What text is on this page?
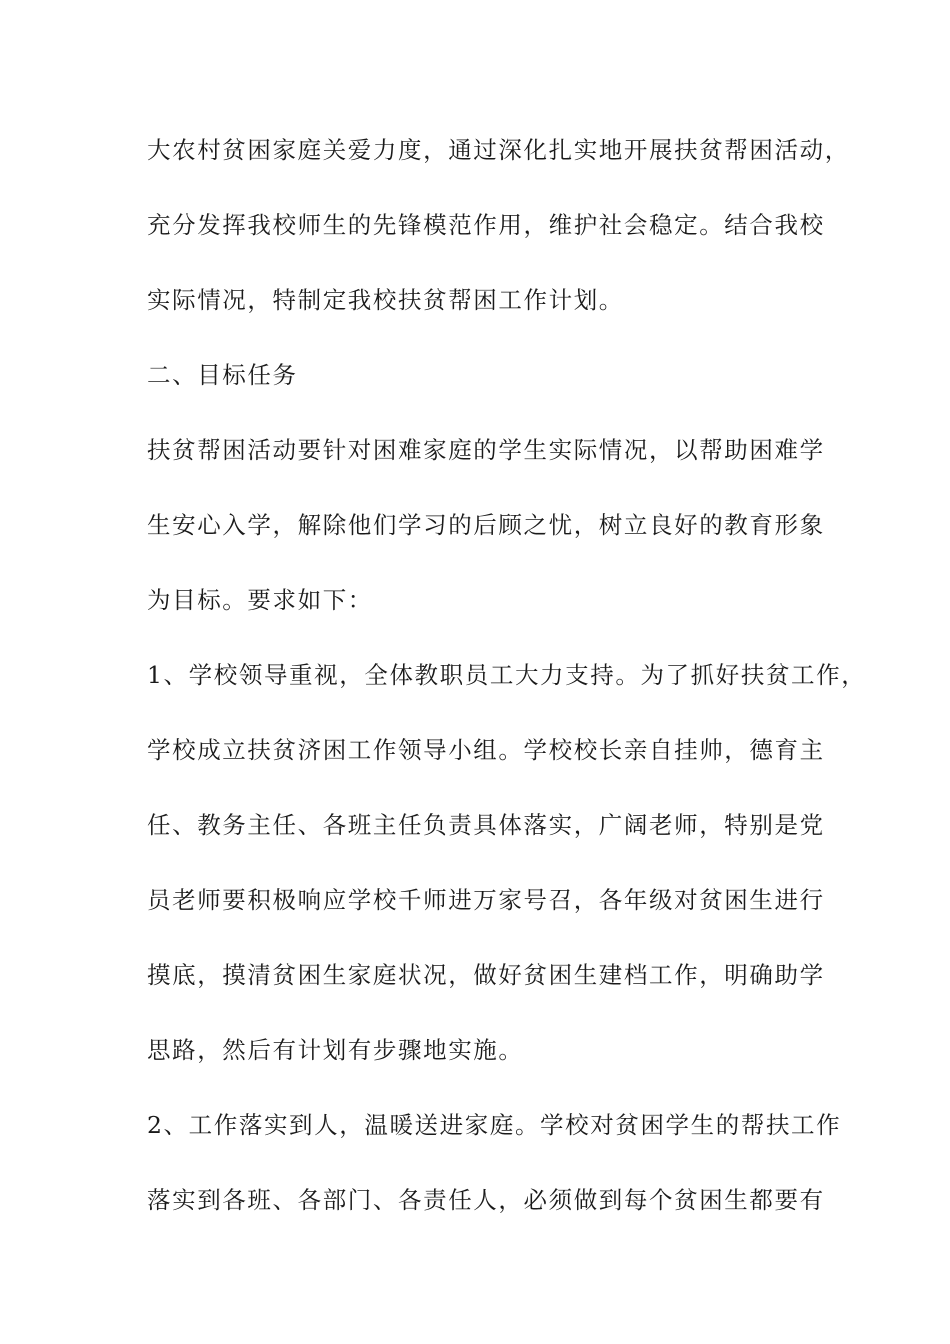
大农村贫困家庭关爱力度，通过深化扎实地开展扶贫帮困活动，
充分发挥我校师生的先锋模范作用，维护社会稳定。结合我校
实际情况，特制定我校扶贫帮困工作计划。
二、目标任务
扶贫帮困活动要针对困难家庭的学生实际情况，以帮助困难学
生安心入学，解除他们学习的后顾之忧，树立良好的教育形象
为目标。要求如下：
1、学校领导重视，全体教职员工大力支持。为了抓好扶贫工作，
学校成立扶贫济困工作领导小组。学校校长亲自挂帅，德育主
任、教务主任、各班主任负责具体落实，广阔老师，特别是党
员老师要积极响应学校千师进万家号召，各年级对贫困生进行
摸底，摸清贫困生家庭状况，做好贫困生建档工作，明确助学
思路，然后有计划有步骤地实施。
2、工作落实到人，温暖送进家庭。学校对贫困学生的帮扶工作
落实到各班、各部门、各责任人，必须做到每个贫困生都要有
